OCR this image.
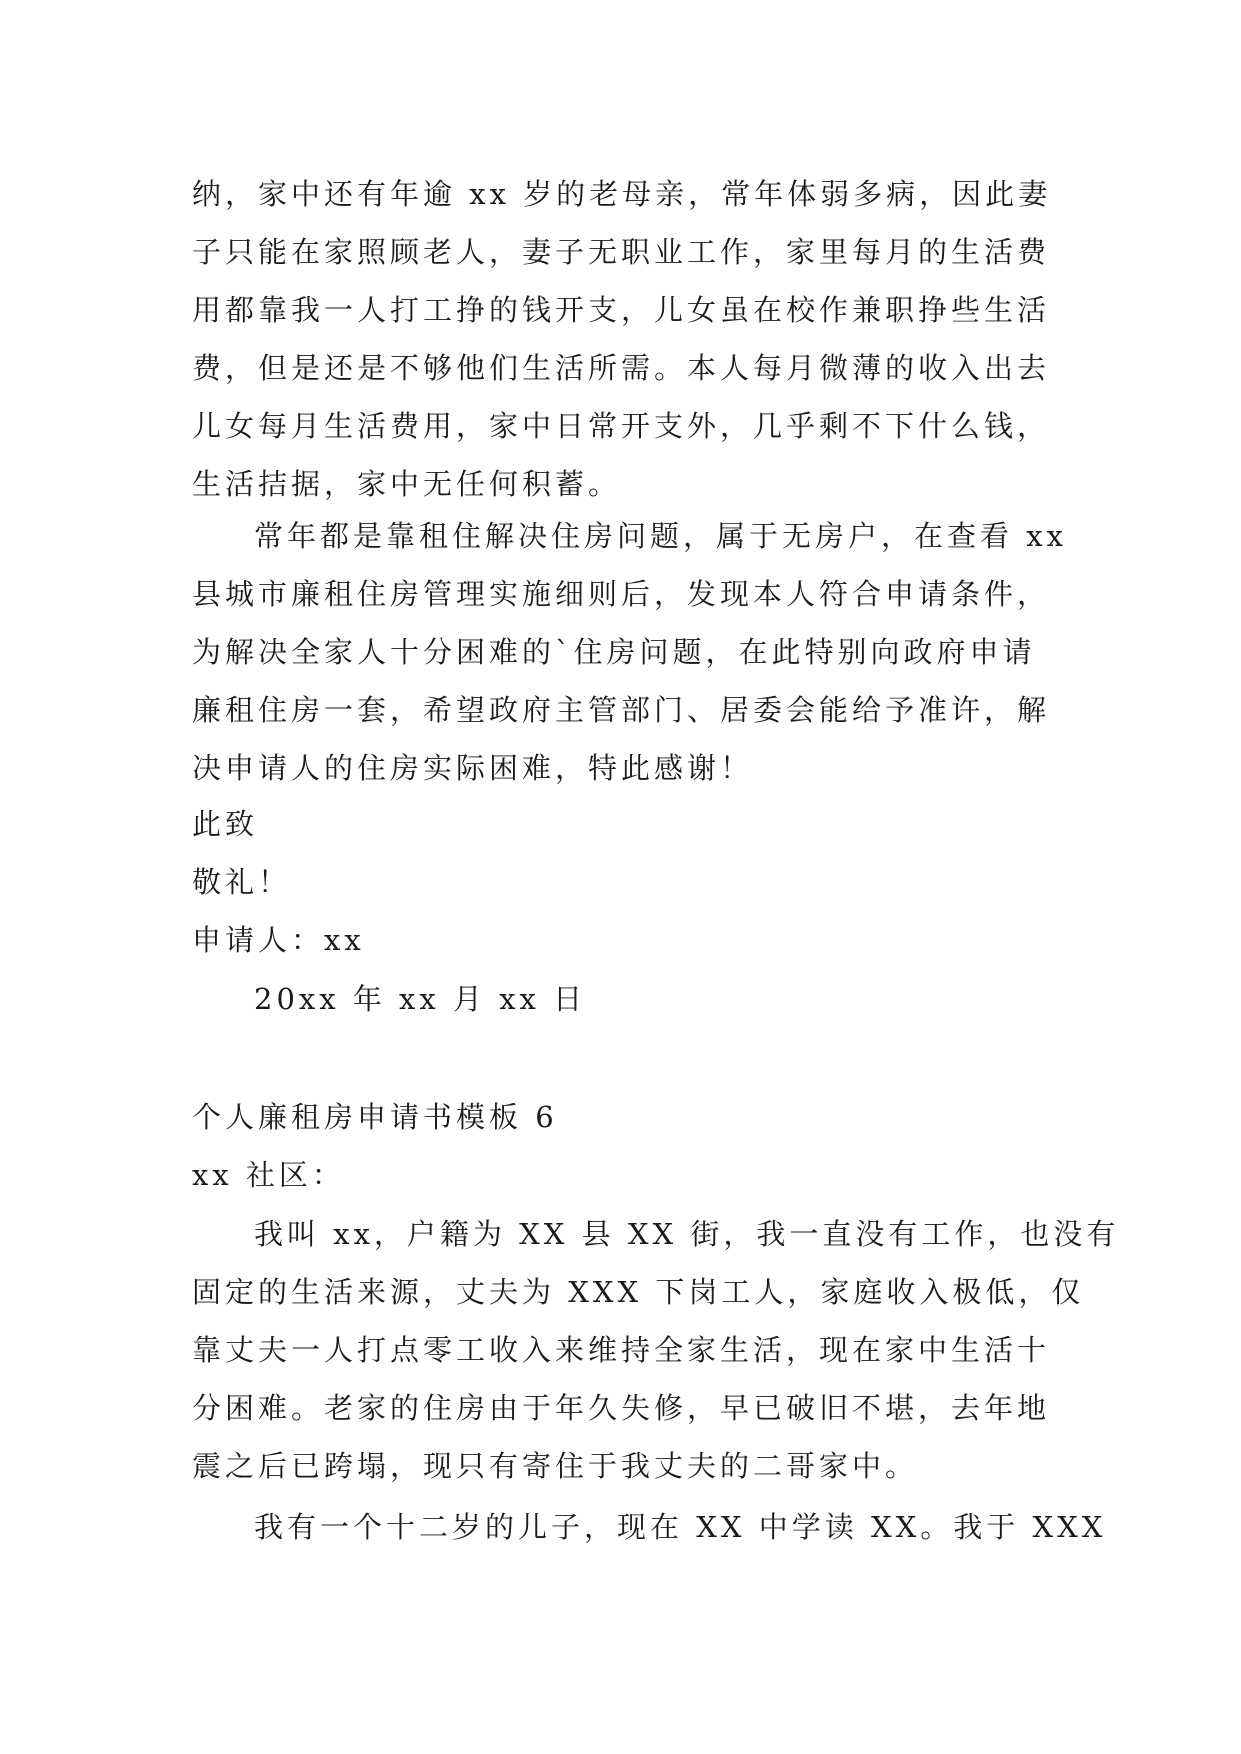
纳，家中还有年逾 xx 岁的老母亲，常年体弱多病，因此妻
子只能在家照顾老人，妻子无职业工作，家里每月的生活费
用都靠我一人打工挣的钱开支，儿女虽在校作兼职挣些生活
费，但是还是不够他们生活所需。本人每月微薄的收入出去
儿女每月生活费用，家中日常开支外，几乎剩不下什么钱，
生活拮据，家中无任何积蓄。
常年都是靠租住解决住房问题，属于无房户，在查看 xx
县城市廉租住房管理实施细则后，发现本人符合申请条件，
为解决全家人十分困难的`住房问题，在此特别向政府申请
廉租住房一套，希望政府主管部门、居委会能给予准许，解
决申请人的住房实际困难，特此感谢！
此致
敬礼！
申请人：xx
20xx 年 xx 月 xx 日
个人廉租房申请书模板 6
xx 社区：
我叫 xx，户籍为 XX 县 XX 街，我一直没有工作，也没有
固定的生活来源，丈夫为 XXX 下岗工人，家庭收入极低，仅
靠丈夫一人打点零工收入来维持全家生活，现在家中生活十
分困难。老家的住房由于年久失修，早已破旧不堪，去年地
震之后已跨塌，现只有寄住于我丈夫的二哥家中。
我有一个十二岁的儿子，现在 XX 中学读 XX。我于 XXX
